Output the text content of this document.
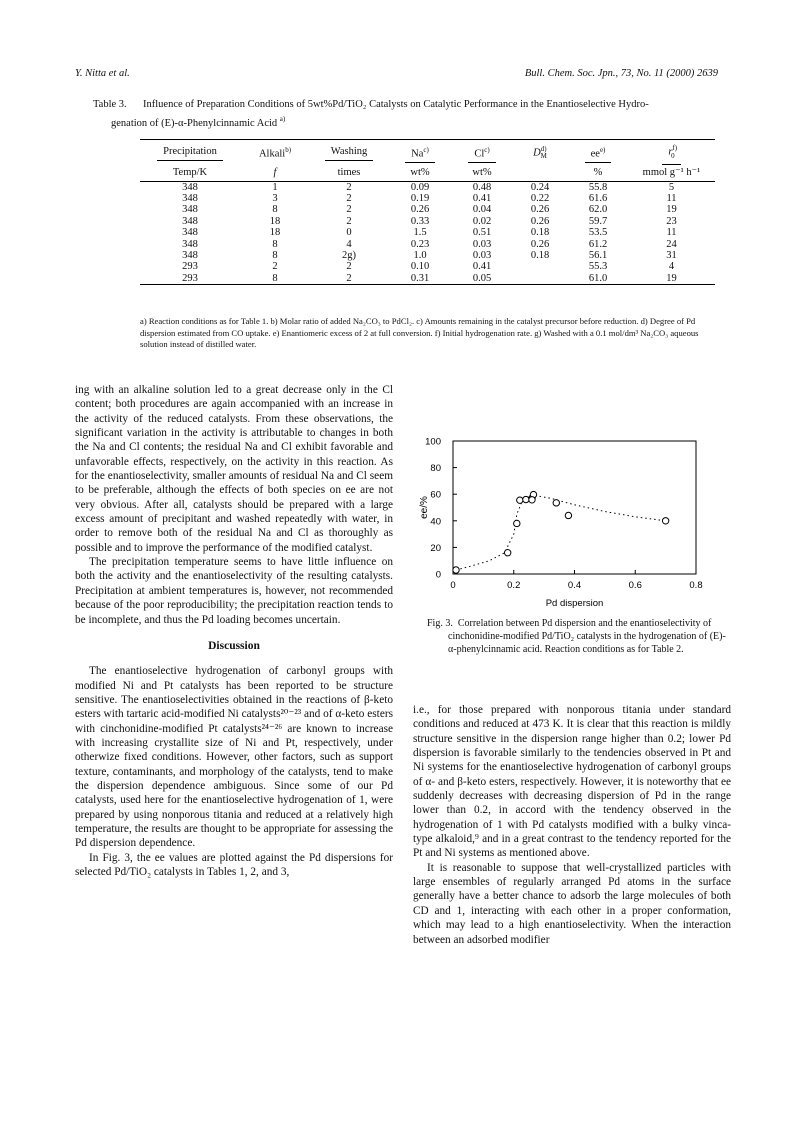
Y. Nitta et al.	Bull. Chem. Soc. Jpn., 73, No. 11 (2000) 2639
Table 3. Influence of Preparation Conditions of 5wt%Pd/TiO₂ Catalysts on Catalytic Performance in the Enantioselective Hydro-
genation of (E)-α-Phenylcinnamic Acid $^{a)}$
Precipitation	Alkali$^{b)}$	Washing	Na$^{c)}$	Cl$^{c)}$	$D^{d)}_M$	$ee^{e)}$	$r^{f)}_0$
Temp/K	f	times	wt%	wt%		%	mmol g⁻¹ h⁻¹
348	1	2	0.09	0.48	0.24	55.8	5
348	3	2	0.19	0.41	0.22	61.6	11
348	8	2	0.26	0.04	0.26	62.0	19
348	18	2	0.33	0.02	0.26	59.7	23
348	18	0	1.5	0.51	0.18	53.5	11
348	8	4	0.23	0.03	0.26	61.2	24
348	8	2g)	1.0	0.03	0.18	56.1	31
293	2	2	0.10	0.41		55.3	4
293	8	2	0.31	0.05		61.0	19
a) Reaction conditions as for Table 1. b) Molar ratio of added Na₂CO₃ to PdCl₂. c) Amounts remaining in the catalyst precursor before reduction. d) Degree of Pd dispersion estimated from CO uptake. e) Enantiomeric excess of 2 at full conversion. f) Initial hydrogenation rate. g) Washed with a 0.1 mol/dm³ Na₂CO₃ aqueous solution instead of distilled water.

ing with an alkaline solution led to a great decrease only in the Cl content; both procedures are again accompanied with an increase in the activity of the reduced catalysts. From these observations, the significant variation in the activity is attributable to changes in both the Na and Cl contents; the residual Na and Cl exhibit favorable and unfavorable effects, respectively, on the activity in this reaction. As for the enantioselectivity, smaller amounts of residual Na and Cl seem to be preferable, although the effects of both species on ee are not very obvious. After all, catalysts should be prepared with a large excess amount of precipitant and washed repeatedly with water, in order to remove both of the residual Na and Cl as thoroughly as possible and to improve the performance of the modified catalyst.

The precipitation temperature seems to have little influence on both the activity and the enantioselectivity of the resulting catalysts. Precipitation at ambient temperatures is, however, not recommended because of the poor reproducibility; the precipitation reaction tends to be incomplete, and thus the Pd loading becomes uncertain.

Discussion

The enantioselective hydrogenation of carbonyl groups with modified Ni and Pt catalysts has been reported to be structure sensitive. The enantioselectivities obtained in the reactions of β-keto esters with tartaric acid-modified Ni catalysts²⁰⁻²³ and of α-keto esters with cinchonidine-modified Pt catalysts²⁴⁻²⁶ are known to increase with increasing crystallite size of Ni and Pt, respectively, under otherwize fixed conditions. However, other factors, such as support texture, contaminants, and morphology of the catalysts, tend to make the dispersion dependence ambiguous. Since some of our Pd catalysts, used here for the enantioselective hydrogenation of 1, were prepared by using nonporous titania and reduced at a relatively high temperature, the results are thought to be appropriate for assessing the Pd dispersion dependence.

In Fig. 3, the ee values are plotted against the Pd dispersions for selected Pd/TiO₂ catalysts in Tables 1, 2, and 3,

0	0.2	0.4	0.6	0.8
0
20
40
60
80
100
ee/%
Pd dispersion
Fig. 3. Correlation between Pd dispersion and the enantioselectivity of cinchonidine-modified Pd/TiO₂ catalysts in the hydrogenation of (E)-α-phenylcinnamic acid. Reaction conditions as for Table 2.

i.e., for those prepared with nonporous titania under standard conditions and reduced at 473 K. It is clear that this reaction is mildly structure sensitive in the dispersion range higher than 0.2; lower Pd dispersion is favorable similarly to the tendencies observed in Pt and Ni systems for the enantioselective hydrogenation of carbonyl groups of α- and β-keto esters, respectively. However, it is noteworthy that ee suddenly decreases with decreasing dispersion of Pd in the range lower than 0.2, in accord with the tendency observed in the hydrogenation of 1 with Pd catalysts modified with a bulky vinca-type alkaloid,⁹ and in a great contrast to the tendency reported for the Pt and Ni systems as mentioned above.

It is reasonable to suppose that well-crystallized particles with large ensembles of regularly arranged Pd atoms in the surface generally have a better chance to adsorb the large molecules of both CD and 1, interacting with each other in a proper conformation, which may lead to a high enantioselectivity. When the interaction between an adsorbed modifier
